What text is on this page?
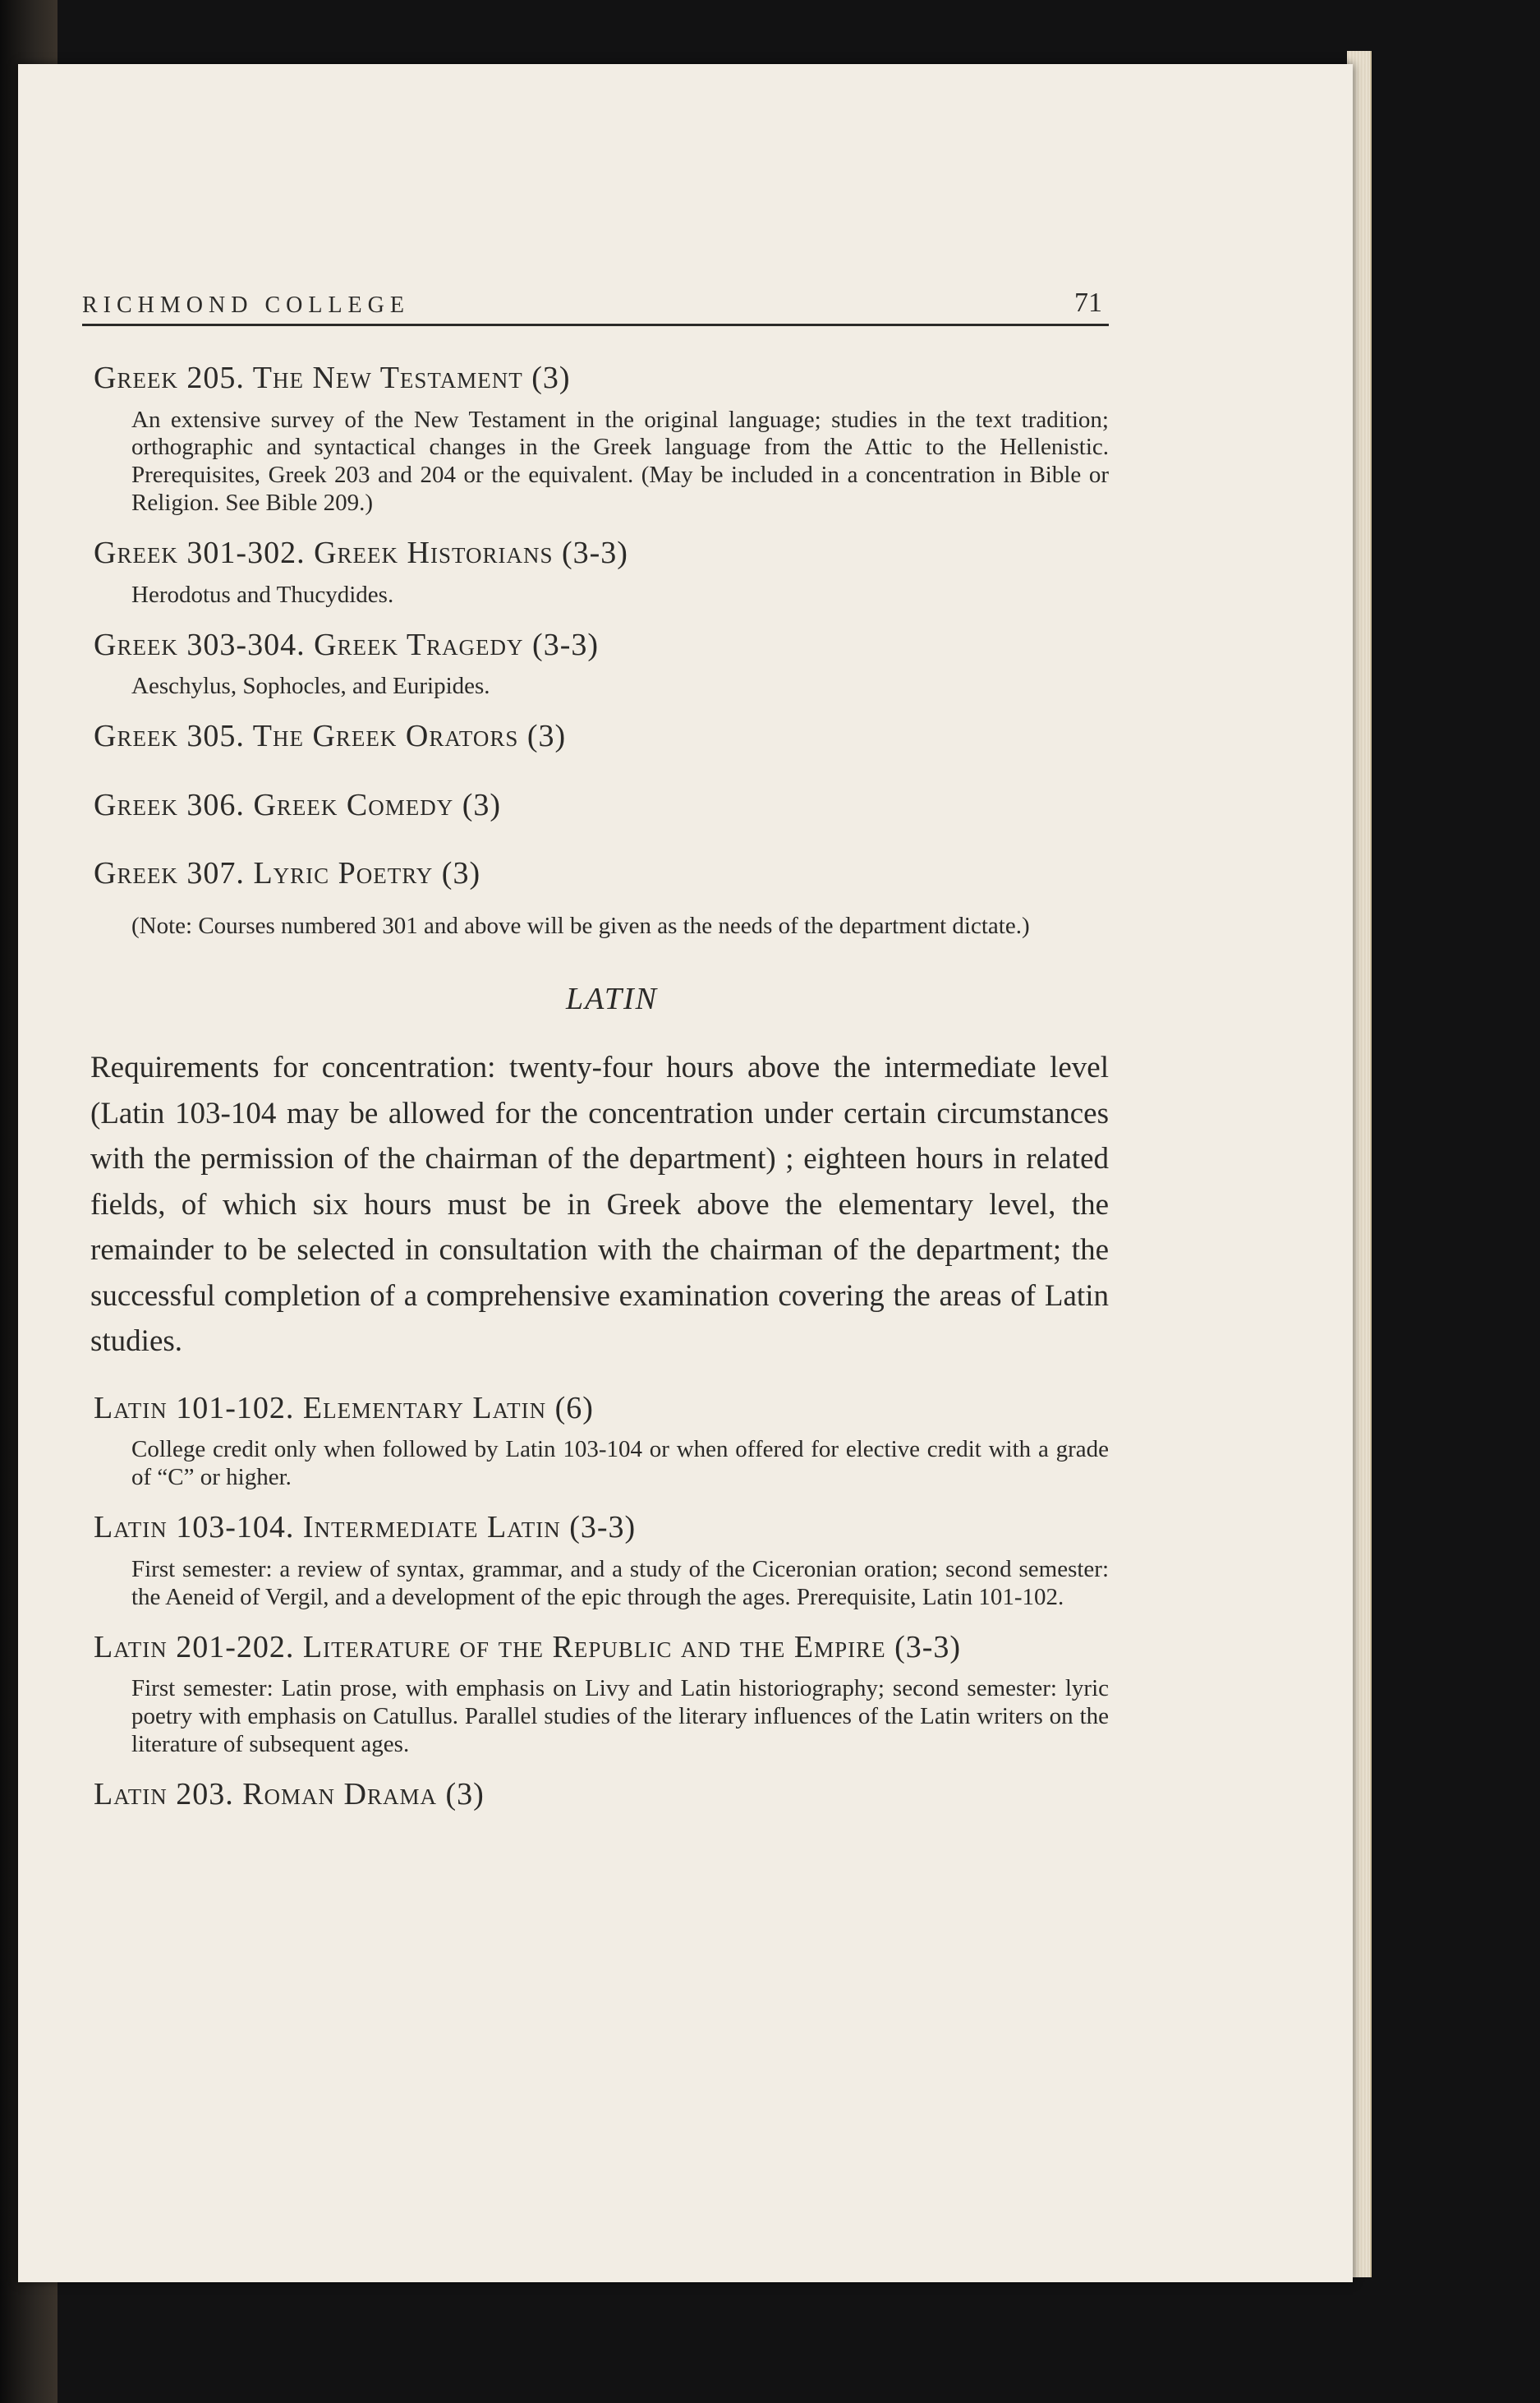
RICHMOND COLLEGE	71
Greek 205. The New Testament (3)
An extensive survey of the New Testament in the original language; studies in the text tradition; orthographic and syntactical changes in the Greek language from the Attic to the Hellenistic. Prerequisites, Greek 203 and 204 or the equivalent. (May be included in a concentration in Bible or Religion. See Bible 209.)
Greek 301-302. Greek Historians (3-3)
Herodotus and Thucydides.
Greek 303-304. Greek Tragedy (3-3)
Aeschylus, Sophocles, and Euripides.
Greek 305. The Greek Orators (3)
Greek 306. Greek Comedy (3)
Greek 307. Lyric Poetry (3)
(Note: Courses numbered 301 and above will be given as the needs of the department dictate.)
LATIN
Requirements for concentration: twenty-four hours above the intermediate level (Latin 103-104 may be allowed for the concentration under certain circumstances with the permission of the chairman of the department) ; eighteen hours in related fields, of which six hours must be in Greek above the elementary level, the remainder to be selected in consultation with the chairman of the department; the successful completion of a comprehensive examination covering the areas of Latin studies.
Latin 101-102. Elementary Latin (6)
College credit only when followed by Latin 103-104 or when offered for elective credit with a grade of “C” or higher.
Latin 103-104. Intermediate Latin (3-3)
First semester: a review of syntax, grammar, and a study of the Ciceronian oration; second semester: the Aeneid of Vergil, and a development of the epic through the ages. Prerequisite, Latin 101-102.
Latin 201-202. Literature of the Republic and the Empire (3-3)
First semester: Latin prose, with emphasis on Livy and Latin historiography; second semester: lyric poetry with emphasis on Catullus. Parallel studies of the literary influences of the Latin writers on the literature of subsequent ages.
Latin 203. Roman Drama (3)
